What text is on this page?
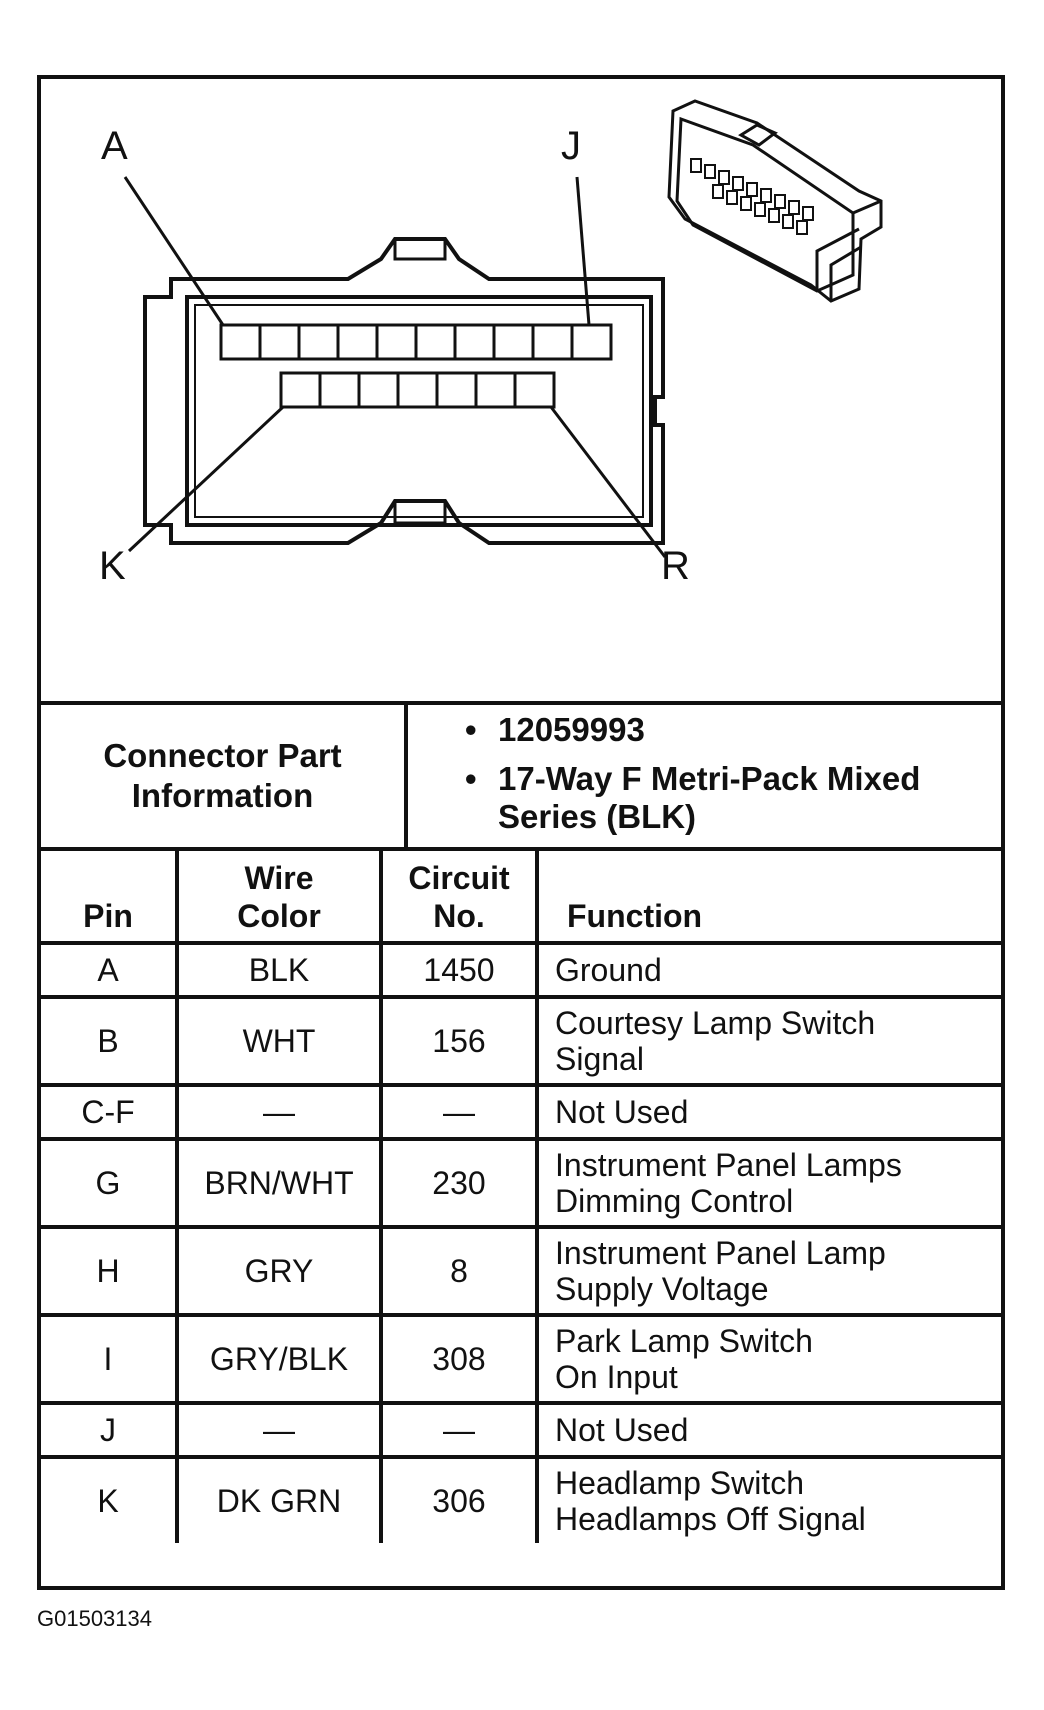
A	J
K	R
Connector Part Information
• 12059993
• 17-Way F Metri-Pack Mixed Series (BLK)
Pin	Wire Color	Circuit No.	Function
A	BLK	1450	Ground
B	WHT	156	Courtesy Lamp Switch Signal

C-F	—	—	Not Used
G	BRN/WHT	230	Instrument Panel Lamps Dimming Control

H	GRY	8	Instrument Panel Lamp Supply Voltage

I	GRY/BLK	308	Park Lamp Switch On Input

J	—	—	Not Used
K	DK GRN	306	Headlamp Switch Headlamps Off Signal
G01503134
